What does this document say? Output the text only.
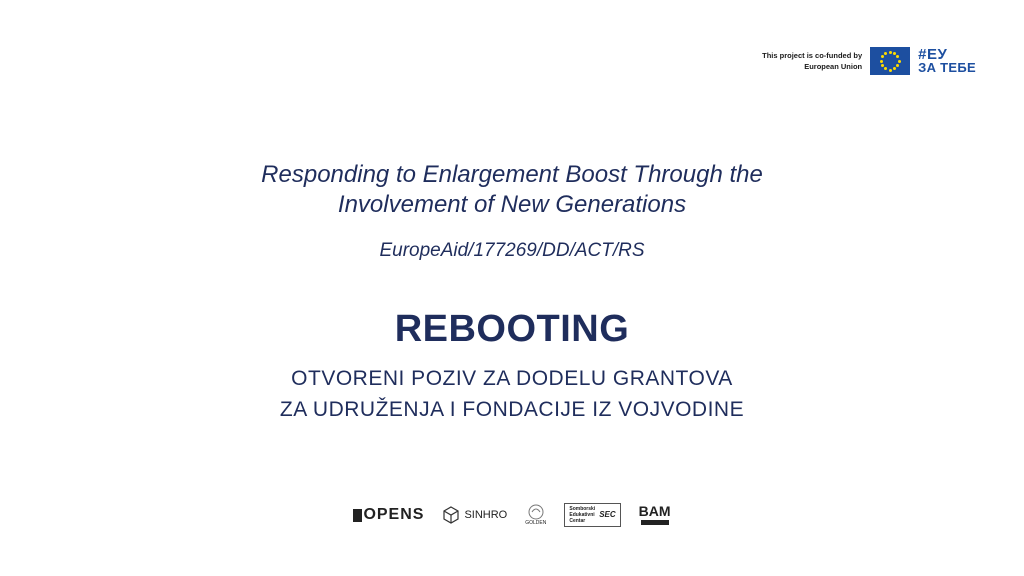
This project is co-funded by
European Union
#ЕУ
ЗА ТЕБЕ
Responding to Enlargement Boost Through the
Involvement of New Generations
EuropeAid/177269/DD/ACT/RS
REBOOTING
OTVORENI POZIV ZA DODELU GRANTOVA
ZA UDRUŽENJA I FONDACIJE IZ VOJVODINE
OPENS	SINHRO
GOLDEN
Somborski
Edukativni
Centar
SEC BAM
